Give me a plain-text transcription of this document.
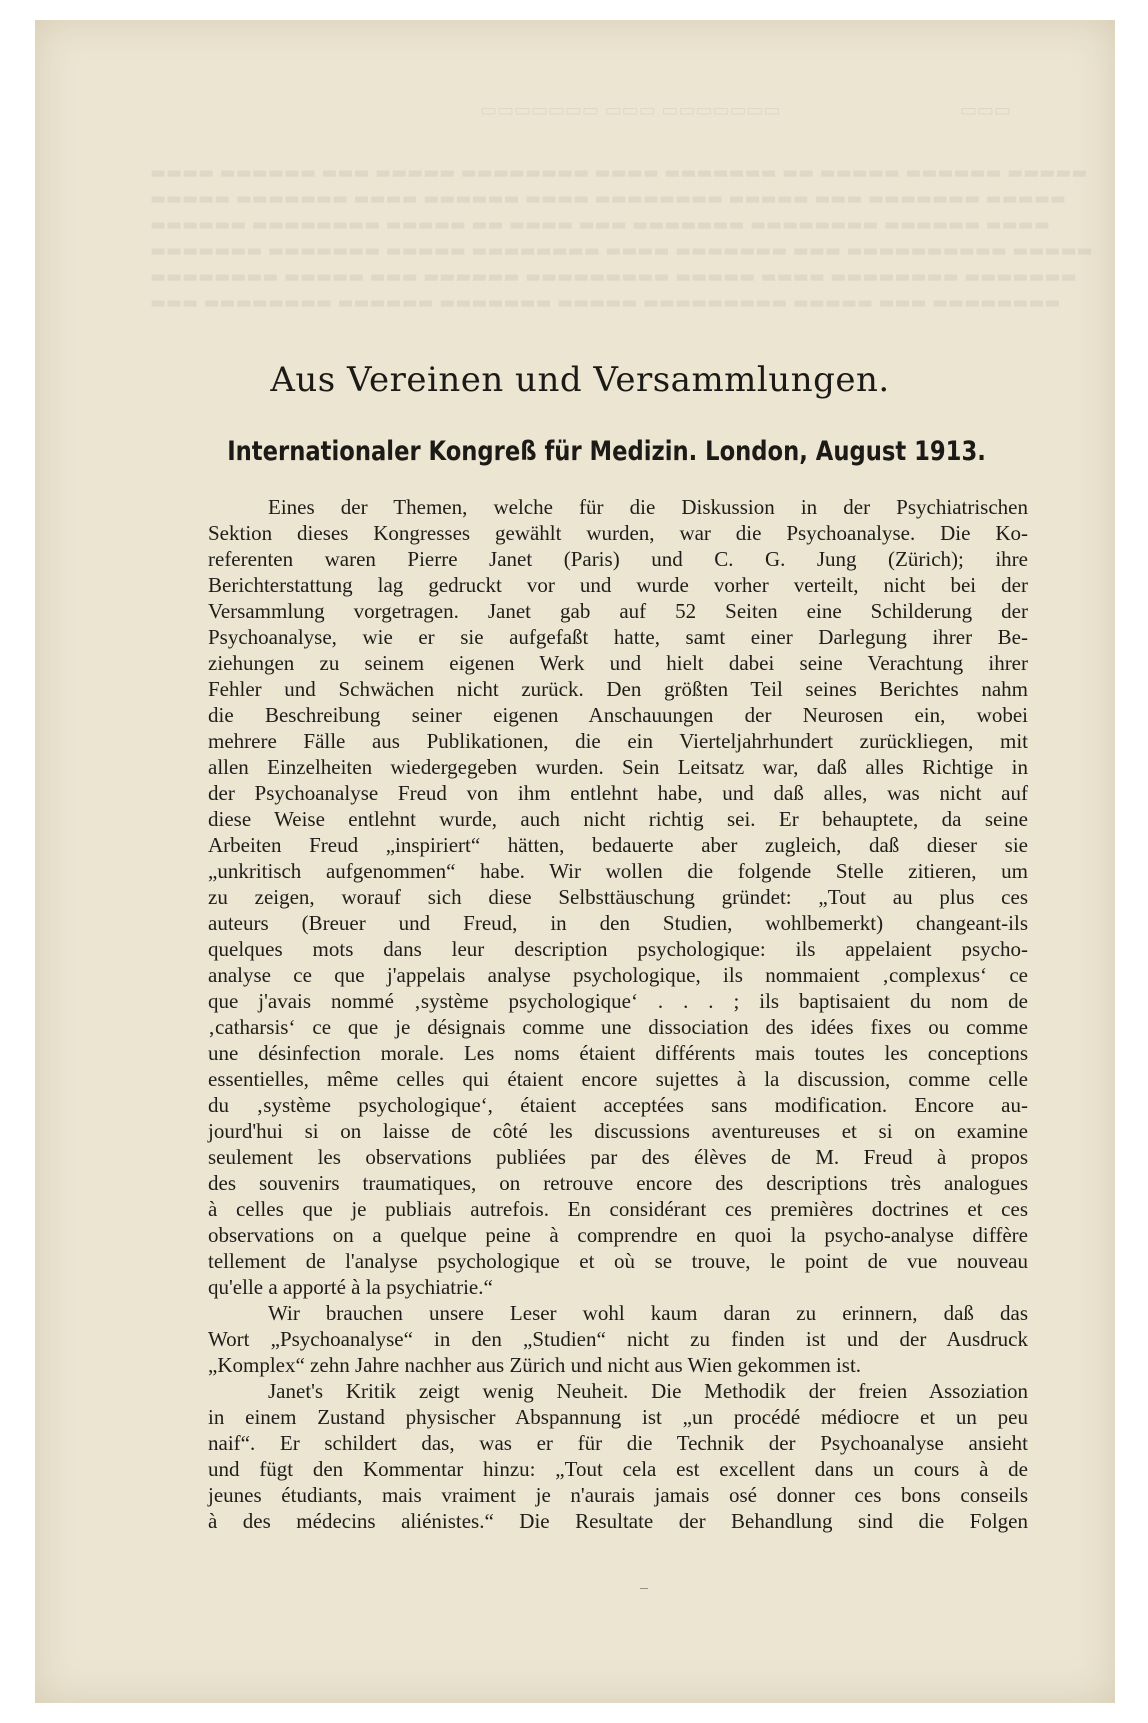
▭▭▭▭▭▭▭ ▭▭▭ ▭▭▭▭▭▭▭	▭▭▭
▬▬▬▬ ▬▬▬▬▬▬ ▬▬▬ ▬▬▬▬▬ ▬▬▬▬▬▬▬▬ ▬▬▬▬ ▬▬▬▬▬▬▬ ▬▬ ▬▬▬▬▬ ▬▬▬▬▬▬ ▬▬▬▬▬
▬▬▬▬▬ ▬▬▬▬▬▬▬ ▬▬▬▬ ▬▬▬▬▬▬ ▬▬▬▬ ▬▬▬▬▬▬▬▬ ▬▬▬▬▬ ▬▬▬ ▬▬▬▬▬▬▬ ▬▬▬▬▬
▬▬▬▬▬▬ ▬▬▬▬▬▬▬▬ ▬▬▬▬▬ ▬▬ ▬▬▬▬ ▬▬▬ ▬▬▬▬▬▬▬ ▬▬▬▬▬▬▬▬ ▬▬▬▬▬▬ ▬▬▬▬
▬▬▬▬▬▬▬ ▬▬▬▬▬▬▬ ▬▬▬▬▬ ▬▬▬▬▬▬▬▬ ▬▬▬▬ ▬▬▬▬▬▬▬ ▬▬▬ ▬▬▬▬▬▬▬▬▬▬ ▬▬▬▬▬
▬▬▬▬▬▬▬▬ ▬▬▬▬▬ ▬▬▬ ▬▬▬▬▬▬ ▬▬▬▬▬▬▬▬▬ ▬▬▬▬▬ ▬▬▬▬ ▬▬▬▬▬▬▬▬ ▬▬▬▬▬▬▬
▬▬▬ ▬▬▬▬▬▬▬▬ ▬▬▬▬▬▬ ▬▬▬▬▬▬▬ ▬▬▬▬▬ ▬▬▬▬▬▬▬▬▬ ▬▬▬▬▬ ▬▬▬ ▬▬▬▬▬▬▬▬
Aus Vereinen und Versammlungen.
Internationaler Kongreß für Medizin. London, August 1913.
Eines der Themen, welche für die Diskussion in der Psychiatrischen
Sektion dieses Kongresses gewählt wurden, war die Psychoanalyse. Die Ko-
referenten waren Pierre Janet (Paris) und C. G. Jung (Zürich); ihre
Berichterstattung lag gedruckt vor und wurde vorher verteilt, nicht bei der
Versammlung vorgetragen. Janet gab auf 52 Seiten eine Schilderung der
Psychoanalyse, wie er sie aufgefaßt hatte, samt einer Darlegung ihrer Be-
ziehungen zu seinem eigenen Werk und hielt dabei seine Verachtung ihrer
Fehler und Schwächen nicht zurück. Den größten Teil seines Berichtes nahm
die Beschreibung seiner eigenen Anschauungen der Neurosen ein, wobei
mehrere Fälle aus Publikationen, die ein Vierteljahrhundert zurückliegen, mit
allen Einzelheiten wiedergegeben wurden. Sein Leitsatz war, daß alles Richtige in
der Psychoanalyse Freud von ihm entlehnt habe, und daß alles, was nicht auf
diese Weise entlehnt wurde, auch nicht richtig sei. Er behauptete, da seine
Arbeiten Freud „inspiriert“ hätten, bedauerte aber zugleich, daß dieser sie
„unkritisch aufgenommen“ habe. Wir wollen die folgende Stelle zitieren, um
zu zeigen, worauf sich diese Selbsttäuschung gründet: „Tout au plus ces
auteurs (Breuer und Freud, in den Studien, wohlbemerkt) changeant-ils
quelques mots dans leur description psychologique: ils appelaient psycho-
analyse ce que j'appelais analyse psychologique, ils nommaient ‚complexus‘ ce
que j'avais nommé ‚système psychologique‘ . . . ; ils baptisaient du nom de
‚catharsis‘ ce que je désignais comme une dissociation des idées fixes ou comme
une désinfection morale. Les noms étaient différents mais toutes les conceptions
essentielles, même celles qui étaient encore sujettes à la discussion, comme celle
du ‚système psychologique‘, étaient acceptées sans modification. Encore au-
jourd'hui si on laisse de côté les discussions aventureuses et si on examine
seulement les observations publiées par des élèves de M. Freud à propos
des souvenirs traumatiques, on retrouve encore des descriptions très analogues
à celles que je publiais autrefois. En considérant ces premières doctrines et ces
observations on a quelque peine à comprendre en quoi la psycho-analyse diffère
tellement de l'analyse psychologique et où se trouve, le point de vue nouveau
qu'elle a apporté à la psychiatrie.“
Wir brauchen unsere Leser wohl kaum daran zu erinnern, daß das
Wort „Psychoanalyse“ in den „Studien“ nicht zu finden ist und der Ausdruck
„Komplex“ zehn Jahre nachher aus Zürich und nicht aus Wien gekommen ist.
Janet's Kritik zeigt wenig Neuheit. Die Methodik der freien Assoziation
in einem Zustand physischer Abspannung ist „un procédé médiocre et un peu
naif“. Er schildert das, was er für die Technik der Psychoanalyse ansieht
und fügt den Kommentar hinzu: „Tout cela est excellent dans un cours à de
jeunes étudiants, mais vraiment je n'aurais jamais osé donner ces bons conseils
à des médecins aliénistes.“ Die Resultate der Behandlung sind die Folgen
